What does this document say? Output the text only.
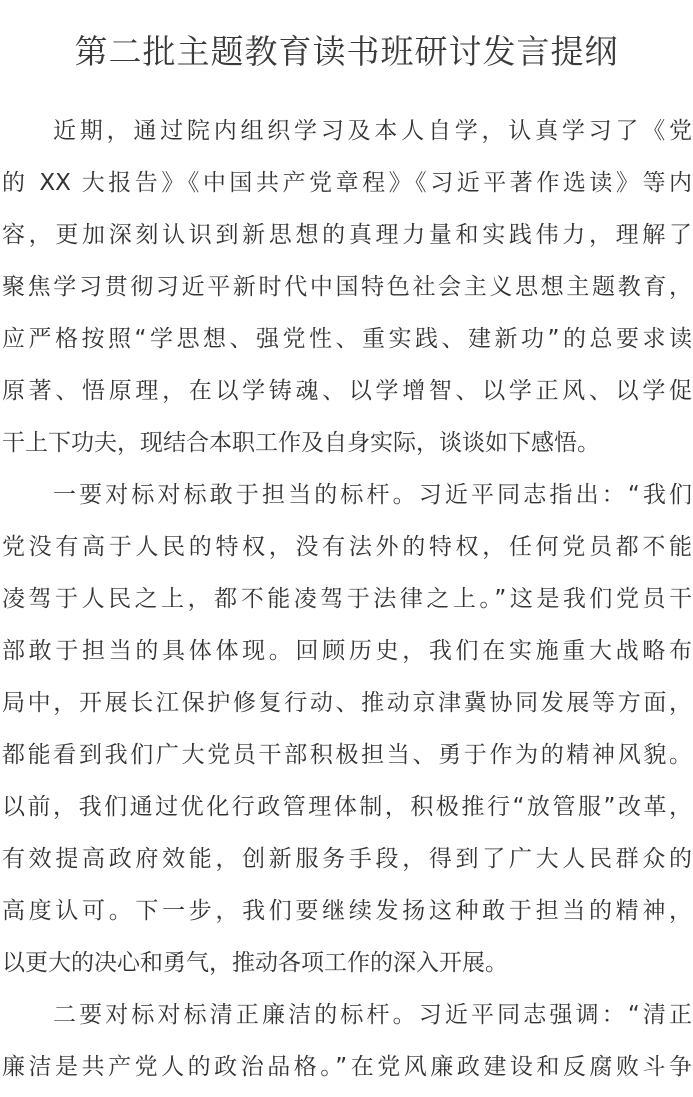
第二批主题教育读书班研讨发言提纲
近期，通过院内组织学习及本人自学，认真学习了《党
的 XX 大报告》《中国共产党章程》《习近平著作选读》等内
容，更加深刻认识到新思想的真理力量和实践伟力，理解了
聚焦学习贯彻习近平新时代中国特色社会主义思想主题教育，
应严格按照“学思想、强党性、重实践、建新功”的总要求读
原著、悟原理，在以学铸魂、以学增智、以学正风、以学促
干上下功夫，现结合本职工作及自身实际，谈谈如下感悟。
一要对标对标敢于担当的标杆。习近平同志指出：“我们
党没有高于人民的特权，没有法外的特权，任何党员都不能
凌驾于人民之上，都不能凌驾于法律之上。”这是我们党员干
部敢于担当的具体体现。回顾历史，我们在实施重大战略布
局中，开展长江保护修复行动、推动京津冀协同发展等方面，
都能看到我们广大党员干部积极担当、勇于作为的精神风貌。
以前，我们通过优化行政管理体制，积极推行“放管服”改革，
有效提高政府效能，创新服务手段，得到了广大人民群众的
高度认可。下一步，我们要继续发扬这种敢于担当的精神，
以更大的决心和勇气，推动各项工作的深入开展。
二要对标对标清正廉洁的标杆。习近平同志强调：“清正
廉洁是共产党人的政治品格。”在党风廉政建设和反腐败斗争
